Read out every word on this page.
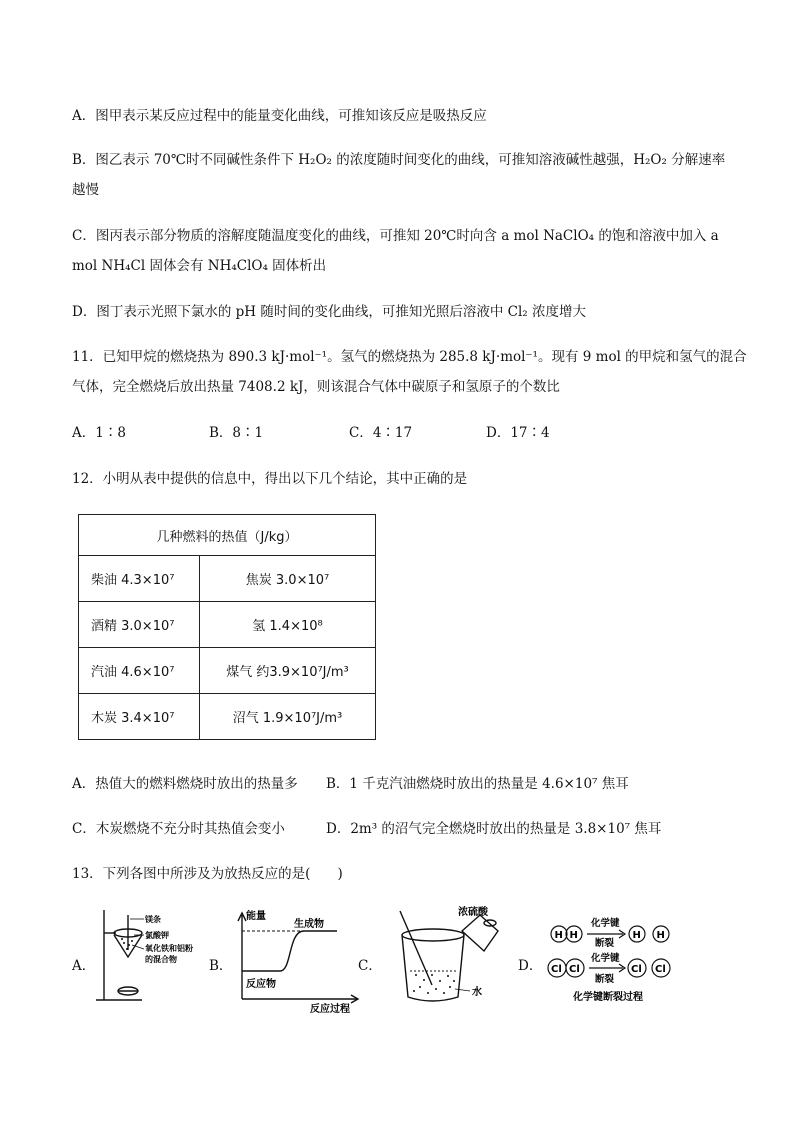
A．图甲表示某反应过程中的能量变化曲线，可推知该反应是吸热反应
B．图乙表示 70℃时不同碱性条件下 H₂O₂ 的浓度随时间变化的曲线，可推知溶液碱性越强，H₂O₂ 分解速率
越慢
C．图丙表示部分物质的溶解度随温度变化的曲线，可推知 20℃时向含 a mol NaClO₄ 的饱和溶液中加入 a
mol NH₄Cl 固体会有 NH₄ClO₄ 固体析出
D．图丁表示光照下氯水的 pH 随时间的变化曲线，可推知光照后溶液中 Cl₂ 浓度增大
11．已知甲烷的燃烧热为 890.3 kJ·mol⁻¹。氢气的燃烧热为 285.8 kJ·mol⁻¹。现有 9 mol 的甲烷和氢气的混合
气体，完全燃烧后放出热量 7408.2 kJ，则该混合气体中碳原子和氢原子的个数比
A．1∶8	B．8∶1	C．4∶17	D．17∶4
12．小明从表中提供的信息中，得出以下几个结论，其中正确的是
几种燃料的热值（J/kg）	
柴油 4.3×10⁷	焦炭 3.0×10⁷
酒精 3.0×10⁷	氢 1.4×10⁸
汽油 4.6×10⁷	煤气 约3.9×10⁷J/m³
木炭 3.4×10⁷	沼气 1.9×10⁷J/m³
A．热值大的燃料燃烧时放出的热量多 B．1 千克汽油燃烧时放出的热量是 4.6×10⁷ 焦耳
C．木炭燃烧不充分时其热值会变小	D．2m³ 的沼气完全燃烧时放出的热量是 3.8×10⁷ 焦耳
13．下列各图中所涉及为放热反应的是(　　)
A．	B．	C．	D．
镁条
氯酸钾
氧化铁和铝粉
的混合物
能量
生成物
反应物
反应过程
浓硫酸
水
H H	H H
Cl Cl	Cl Cl
化学键
断裂
化学键
断裂
化学键断裂过程
